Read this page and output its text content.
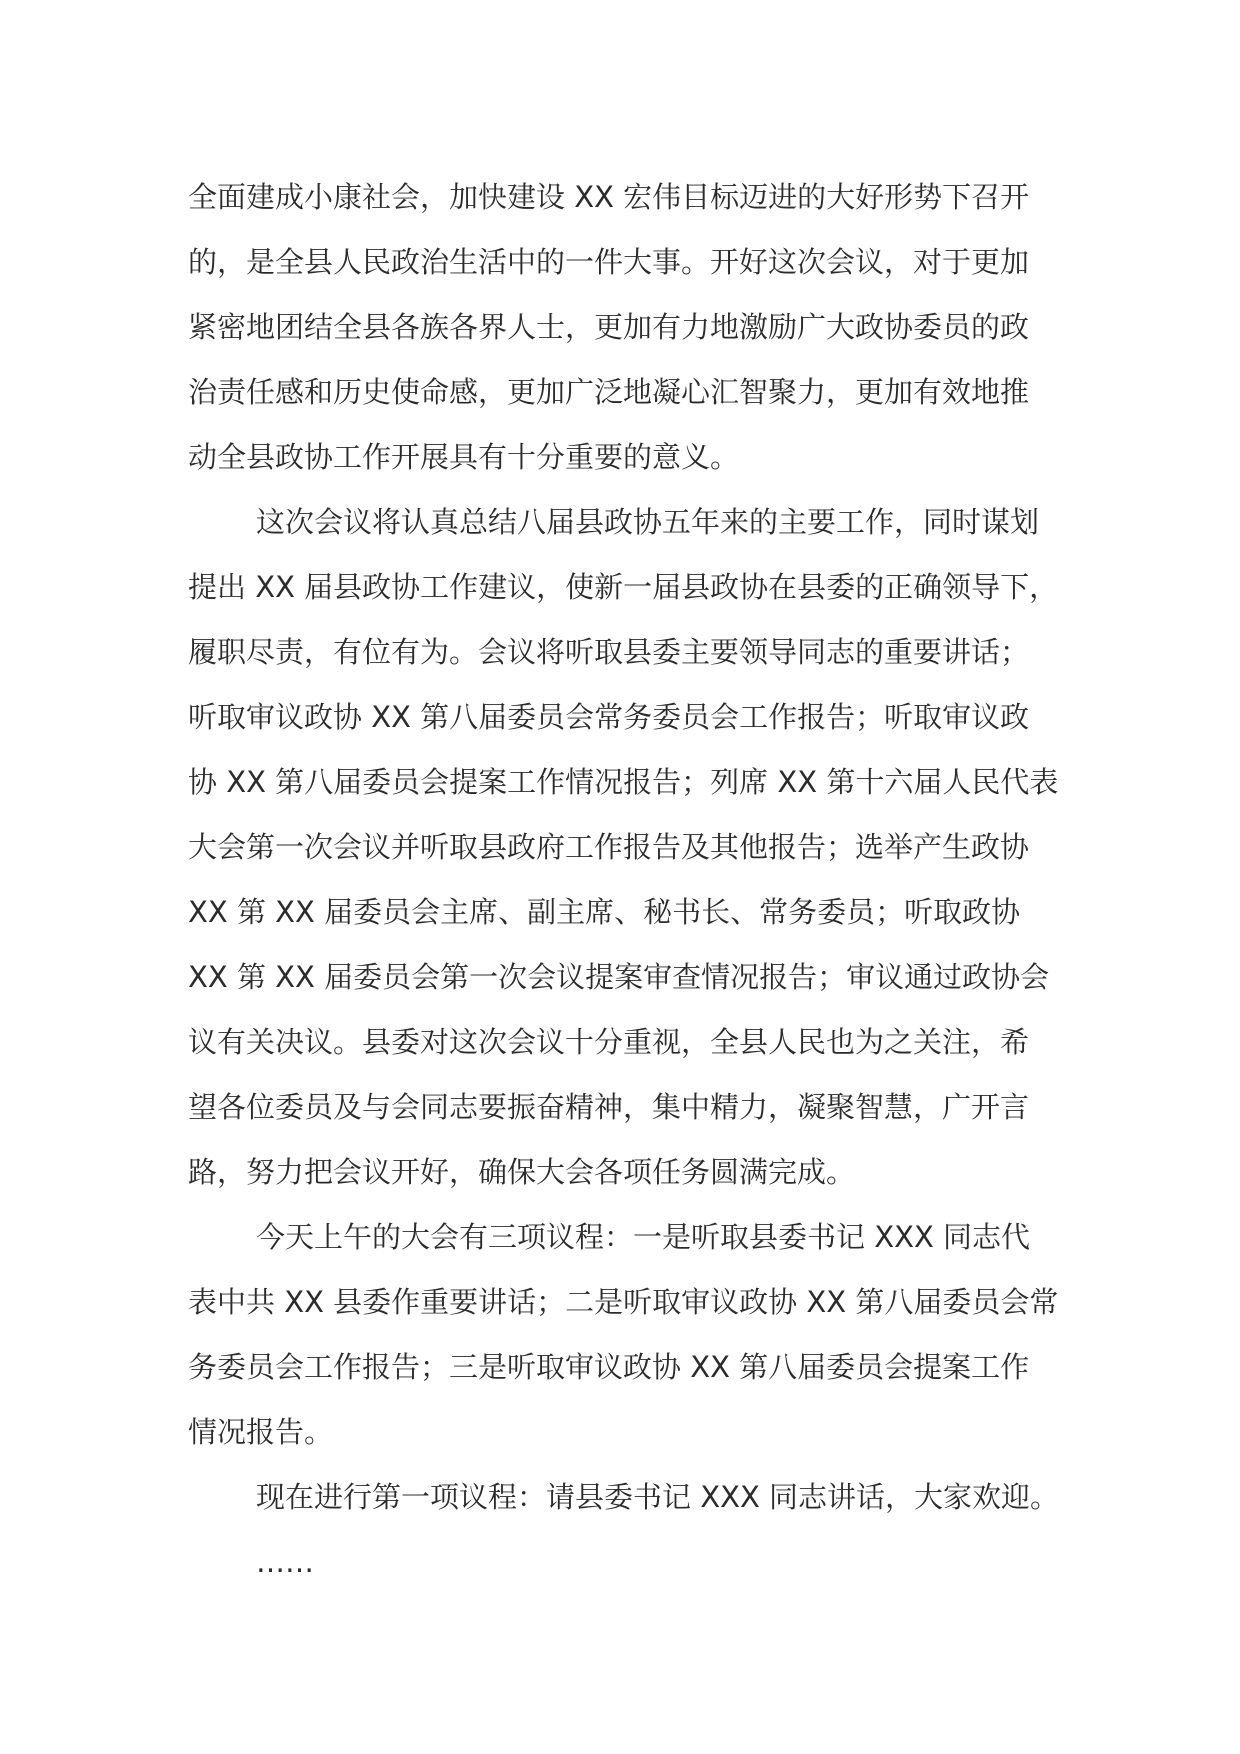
全面建成小康社会，加快建设 XX 宏伟目标迈进的大好形势下召开
的，是全县人民政治生活中的一件大事。开好这次会议，对于更加
紧密地团结全县各族各界人士，更加有力地激励广大政协委员的政
治责任感和历史使命感，更加广泛地凝心汇智聚力，更加有效地推
动全县政协工作开展具有十分重要的意义。
这次会议将认真总结八届县政协五年来的主要工作，同时谋划
提出 XX 届县政协工作建议，使新一届县政协在县委的正确领导下，
履职尽责，有位有为。会议将听取县委主要领导同志的重要讲话；
听取审议政协 XX 第八届委员会常务委员会工作报告；听取审议政
协 XX 第八届委员会提案工作情况报告；列席 XX 第十六届人民代表
大会第一次会议并听取县政府工作报告及其他报告；选举产生政协
XX 第 XX 届委员会主席、副主席、秘书长、常务委员；听取政协
XX 第 XX 届委员会第一次会议提案审查情况报告；审议通过政协会
议有关决议。县委对这次会议十分重视，全县人民也为之关注，希
望各位委员及与会同志要振奋精神，集中精力，凝聚智慧，广开言
路，努力把会议开好，确保大会各项任务圆满完成。
今天上午的大会有三项议程：一是听取县委书记 XXX 同志代
表中共 XX 县委作重要讲话；二是听取审议政协 XX 第八届委员会常
务委员会工作报告；三是听取审议政协 XX 第八届委员会提案工作
情况报告。
现在进行第一项议程：请县委书记 XXX 同志讲话，大家欢迎。
……
